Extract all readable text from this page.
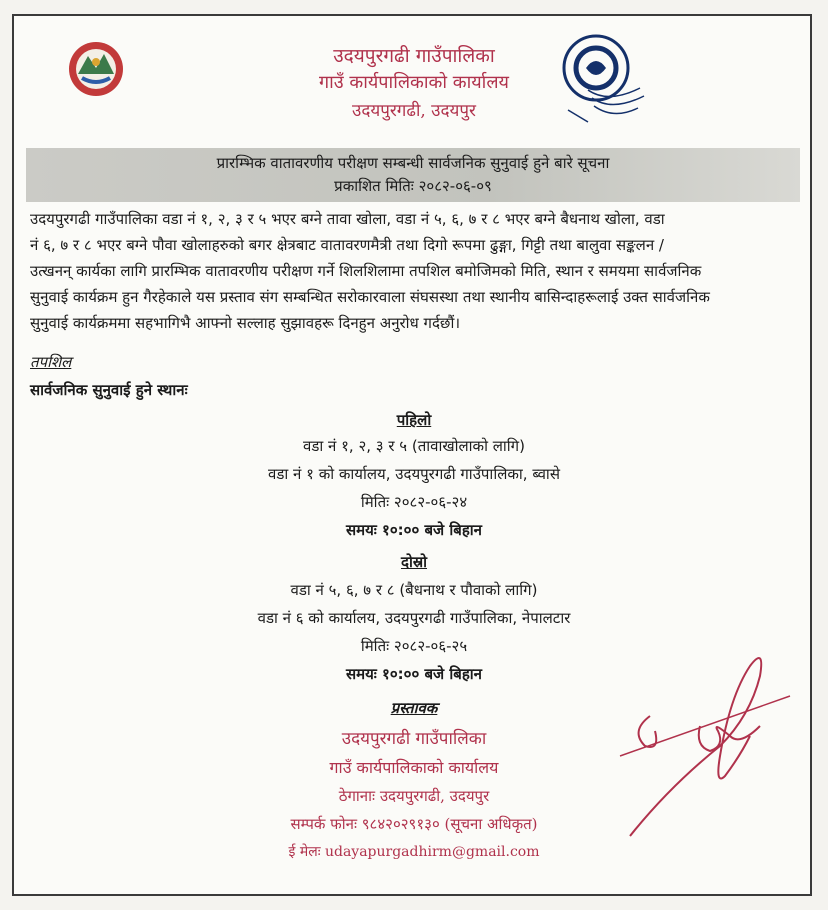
उदयपुरगढी गाउँपालिका
गाउँ कार्यपालिकाको कार्यालय
उदयपुरगढी, उदयपुर
प्रारम्भिक वातावरणीय परीक्षण सम्बन्धी सार्वजनिक सुनुवाई हुने बारे सूचना
प्रकाशित मितिः २०८२-०६-०९
उदयपुरगढी गाउँपालिका वडा नं १, २, ३ र ५ भएर बग्ने तावा खोला, वडा नं ५, ६, ७ र ८ भएर बग्ने बैधनाथ खोला, वडा
नं ६, ७ र ८ भएर बग्ने पौवा खोलाहरुको बगर क्षेत्रबाट वातावरणमैत्री तथा दिगो रूपमा ढुङ्गा, गिट्टी तथा बालुवा सङ्कलन /
उत्खनन् कार्यका लागि प्रारम्भिक वातावरणीय परीक्षण गर्ने शिलशिलामा तपशिल बमोजिमको मिति, स्थान र समयमा सार्वजनिक
सुनुवाई कार्यक्रम हुन गैरहेकाले यस प्रस्ताव संग सम्बन्धित सरोकारवाला संघसस्था तथा स्थानीय बासिन्दाहरूलाई उक्त सार्वजनिक
सुनुवाई कार्यक्रममा सहभागिभै आफ्नो सल्लाह सुझावहरू दिनहुन अनुरोध गर्दछौं।
तपशिल
सार्वजनिक सुनुवाई हुने स्थानः
पहिलो
वडा नं १, २, ३ र ५ (तावाखोलाको लागि)
वडा नं १ को कार्यालय, उदयपुरगढी गाउँपालिका, ब्वासे
मितिः २०८२-०६-२४
समयः १०:०० बजे बिहान
दोस्रो
वडा नं ५, ६, ७ र ८ (बैधनाथ र पौवाको लागि)
वडा नं ६ को कार्यालय, उदयपुरगढी गाउँपालिका, नेपालटार
मितिः २०८२-०६-२५
समयः १०:०० बजे बिहान
प्रस्तावक
उदयपुरगढी गाउँपालिका
गाउँ कार्यपालिकाको कार्यालय
ठेगानाः उदयपुरगढी, उदयपुर
सम्पर्क फोनः ९८४२०२९१३० (सूचना अधिकृत)
ई मेलः udayapurgadhirm@gmail.com
